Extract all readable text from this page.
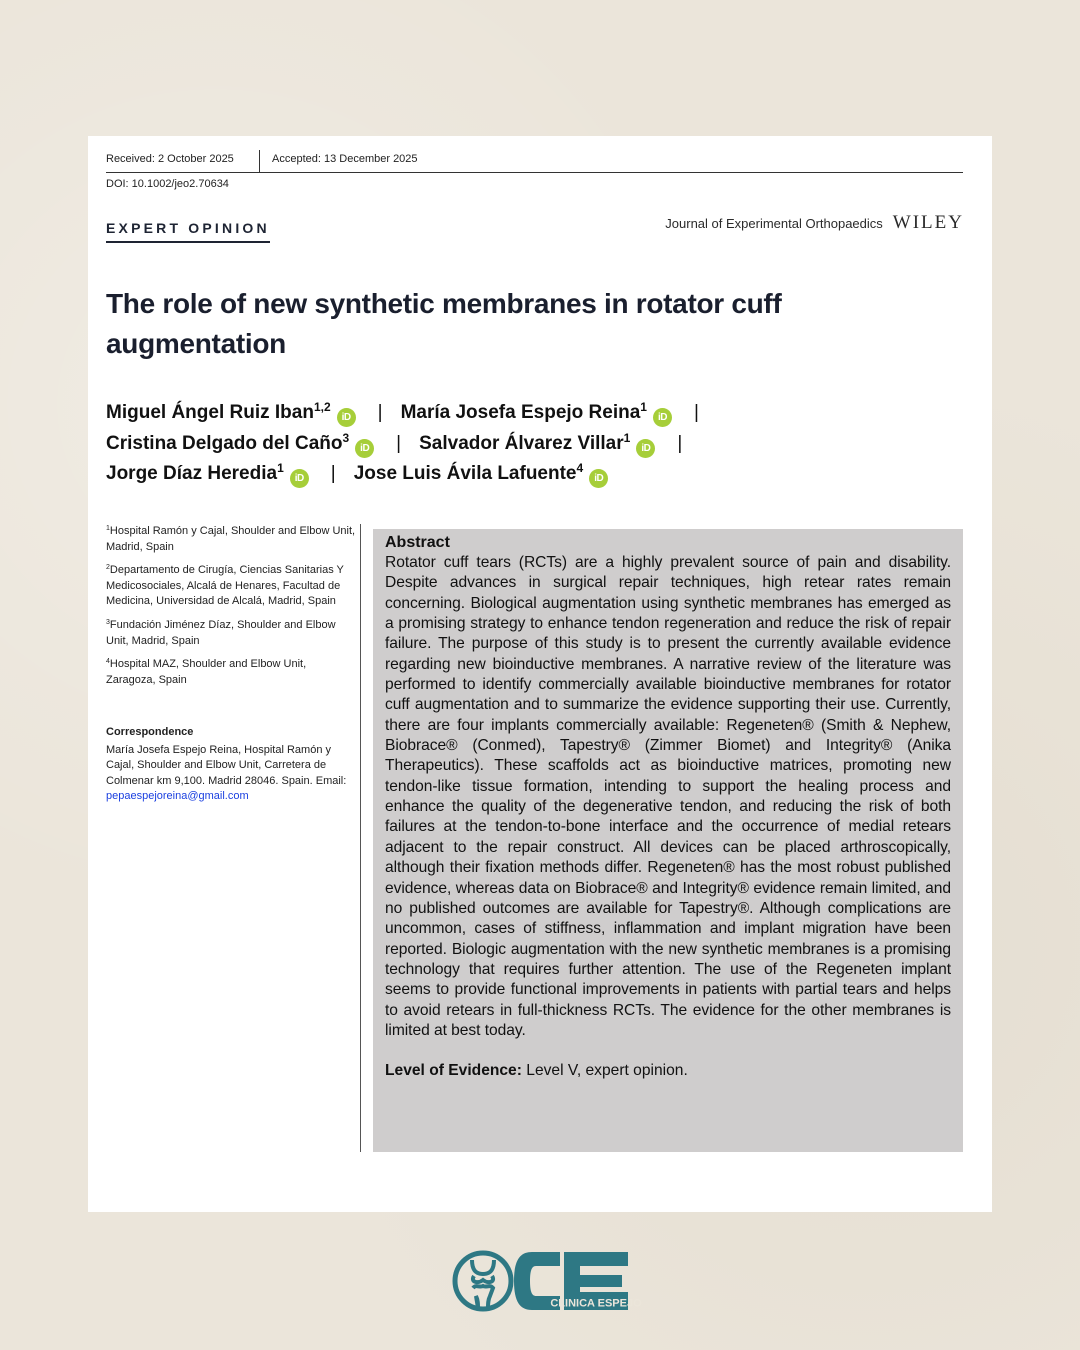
Received: 2 October 2025	Accepted: 13 December 2025
DOI: 10.1002/jeo2.70634
EXPERT OPINION	Journal of Experimental Orthopaedics WILEY
The role of new synthetic membranes in rotator cuff augmentation
Miguel Ángel Ruiz Iban$^{1,2}$iD | María Josefa Espejo Reina$^1$iD |
Cristina Delgado del Caño$^3$iD | Salvador Álvarez Villar$^1$iD |
Jorge Díaz Heredia$^1$iD | Jose Luis Ávila Lafuente$^4$iD

$^1$Hospital Ramón y Cajal, Shoulder and Elbow Unit, Madrid, Spain

$^2$Departamento de Cirugía, Ciencias Sanitarias Y Medicosociales, Alcalá de Henares, Facultad de Medicina, Universidad de Alcalá, Madrid, Spain

$^3$Fundación Jiménez Díaz, Shoulder and Elbow Unit, Madrid, Spain

$^4$Hospital MAZ, Shoulder and Elbow Unit, Zaragoza, Spain

Correspondence
María Josefa Espejo Reina, Hospital Ramón y Cajal, Shoulder and Elbow Unit, Carretera de Colmenar km 9,100. Madrid 28046. Spain. Email: pepaespejoreina@gmail.com
Abstract
Rotator cuff tears (RCTs) are a highly prevalent source of pain and disability. Despite advances in surgical repair techniques, high retear rates remain concerning. Biological augmentation using synthetic membranes has emerged as a promising strategy to enhance tendon regeneration and reduce the risk of repair failure. The purpose of this study is to present the currently available evidence regarding new bioinductive membranes. A narrative review of the literature was performed to identify commercially available bioinductive membranes for rotator cuff augmentation and to summarize the evidence supporting their use. Currently, there are four implants commercially available: Regeneten® (Smith & Nephew, Biobrace® (Conmed), Tapestry® (Zimmer Biomet) and Integrity® (Anika Therapeutics). These scaffolds act as bioinductive matrices, promoting new tendon-like tissue formation, intending to support the healing process and enhance the quality of the degenerative tendon, and reducing the risk of both failures at the tendon-to-bone interface and the occurrence of medial retears adjacent to the repair construct. All devices can be placed arthroscopically, although their fixation methods differ. Regeneten® has the most robust published evidence, whereas data on Biobrace® and Integrity® evidence remain limited, and no published outcomes are available for Tapestry®. Although complications are uncommon, cases of stiffness, inflammation and implant migration have been reported. Biologic augmentation with the new synthetic membranes is a promising technology that requires further attention. The use of the Regeneten implant seems to provide functional improvements in patients with partial tears and helps to avoid retears in full-thickness RCTs. The evidence for the other membranes is limited at best today.
Level of Evidence: Level V, expert opinion.
CLINICA ESPEJO
